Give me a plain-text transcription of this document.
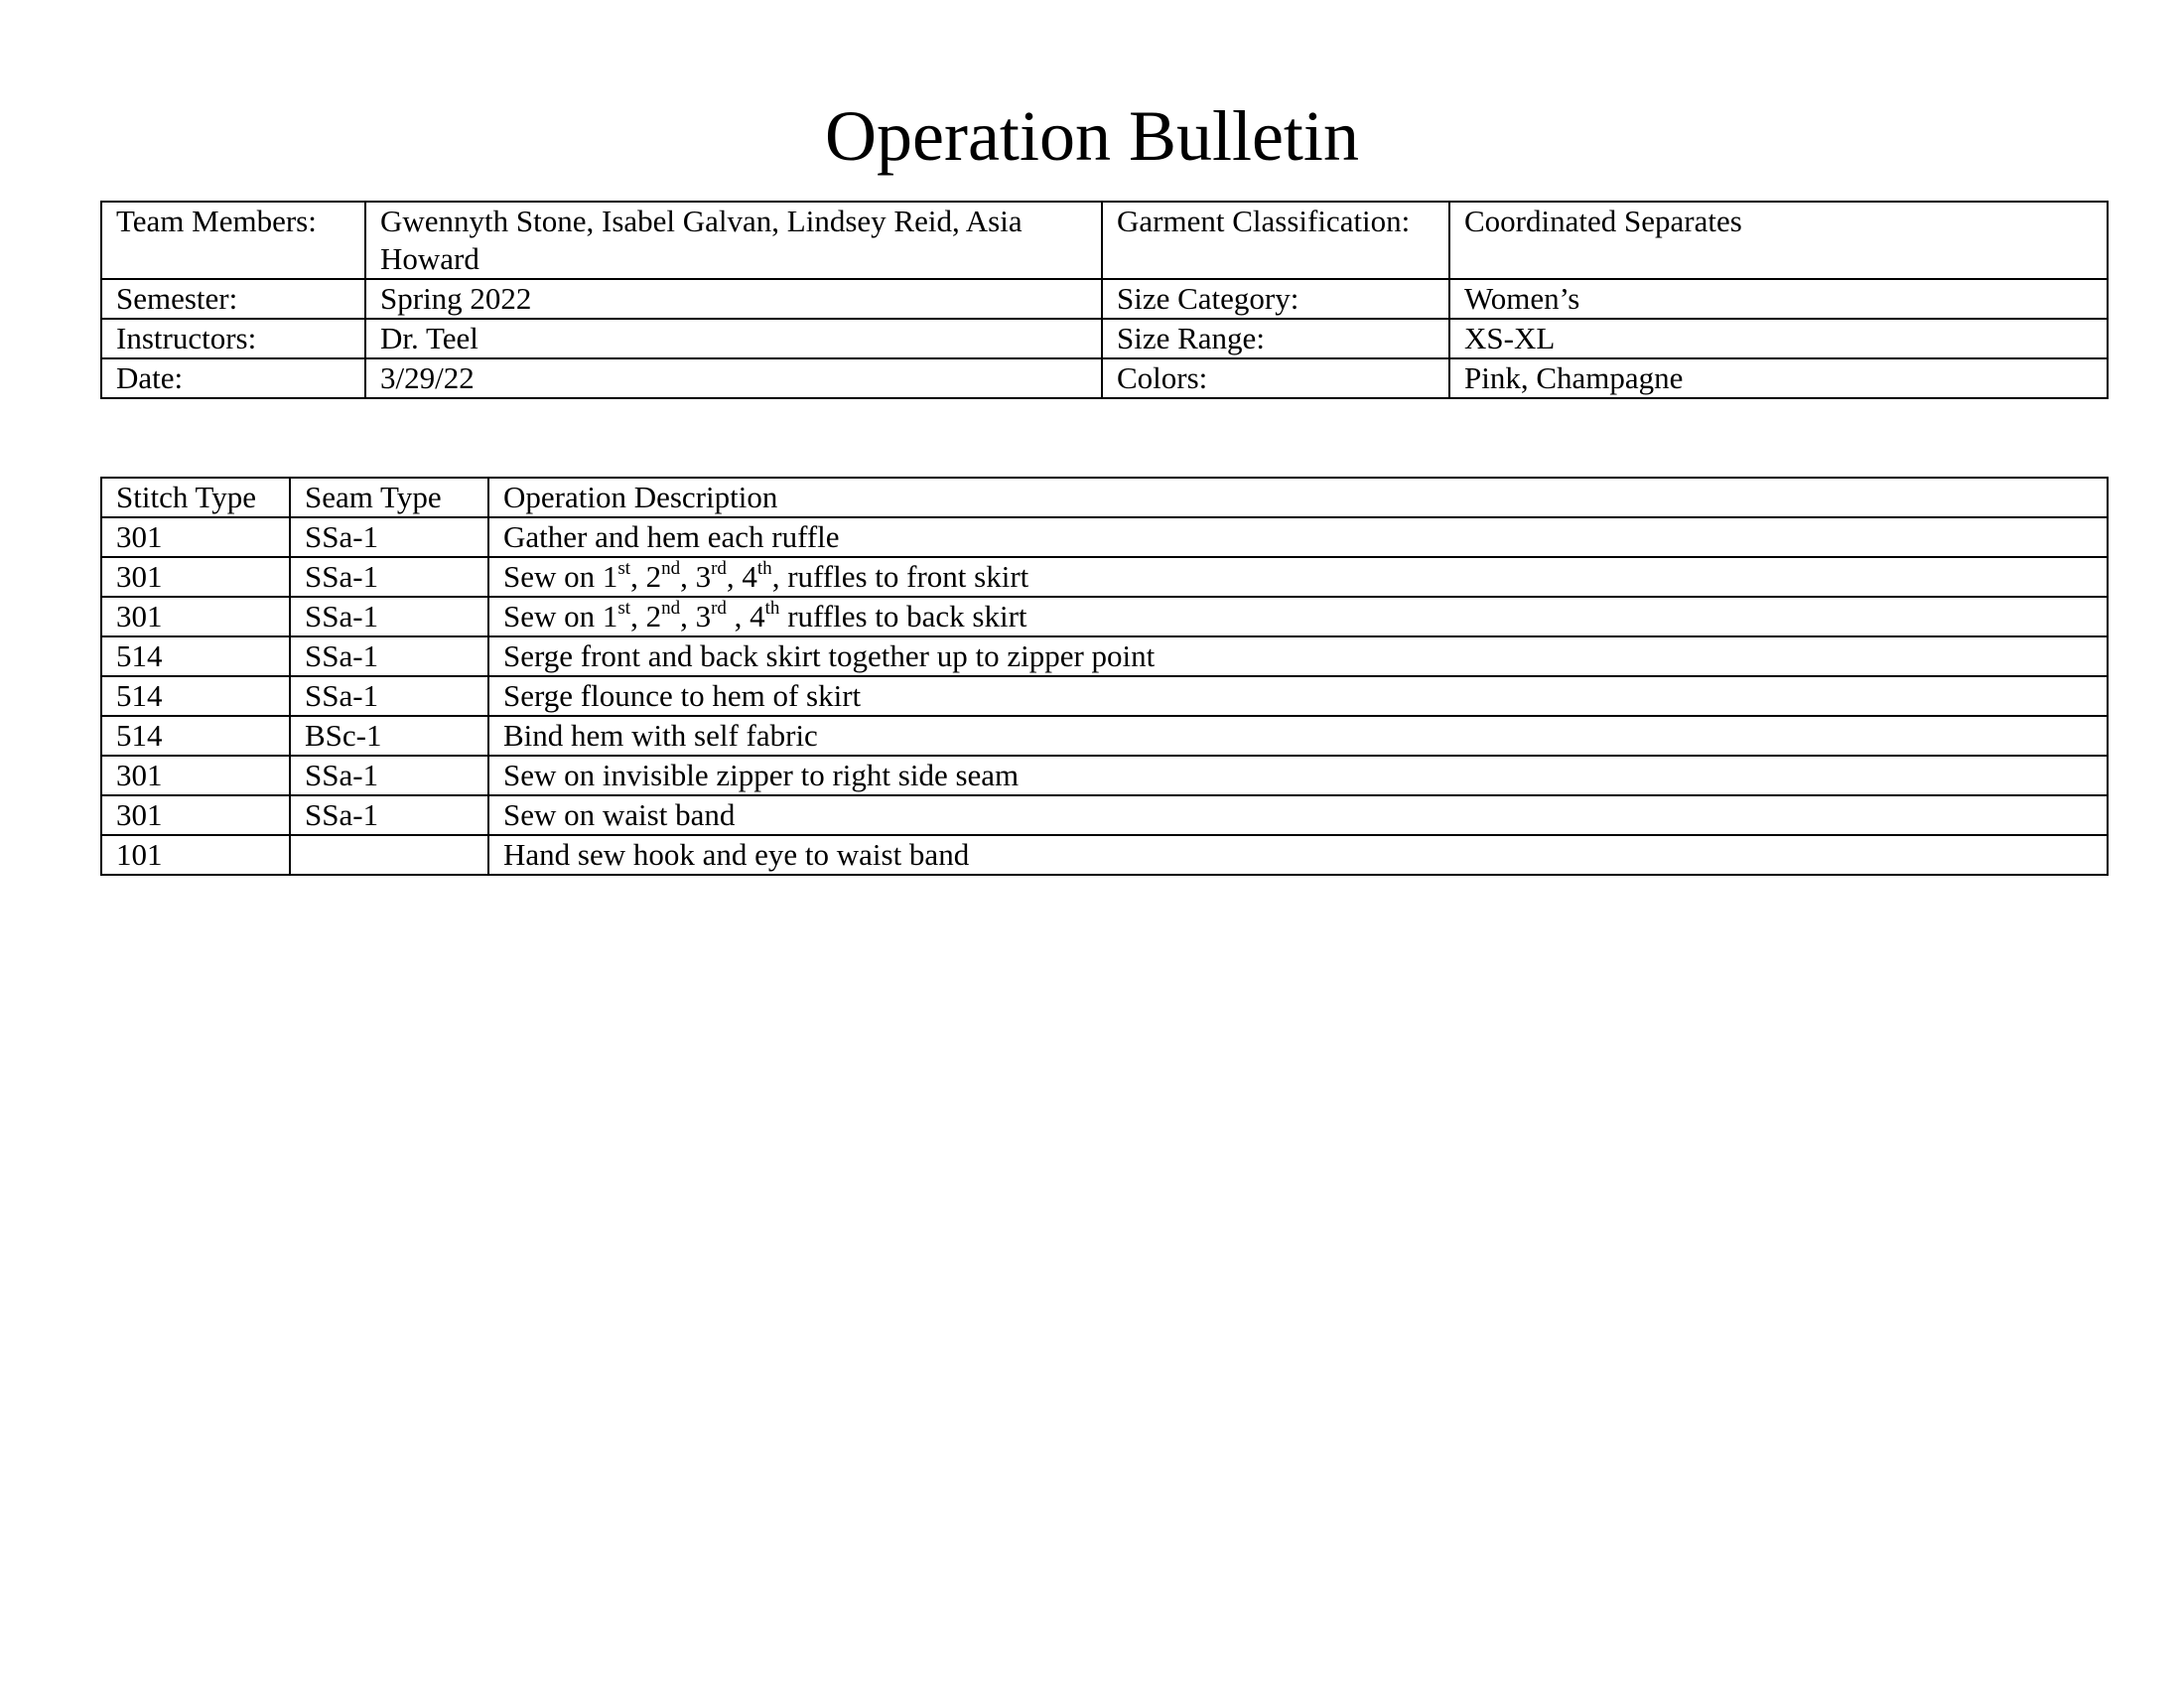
Operation Bulletin
Team Members:	Gwennyth Stone, Isabel Galvan, Lindsey Reid, Asia Howard	Garment Classification:	Coordinated Separates
Semester:	Spring 2022	Size Category:	Women’s
Instructors:	Dr. Teel	Size Range:	XS-XL
Date:	3/29/22	Colors:	Pink, Champagne
Stitch Type	Seam Type	Operation Description
301	SSa-1	Gather and hem each ruffle
301	SSa-1	Sew on 1st, 2nd, 3rd, 4th, ruffles to front skirt
301	SSa-1	Sew on 1st, 2nd, 3rd , 4th ruffles to back skirt
514	SSa-1	Serge front and back skirt together up to zipper point
514	SSa-1	Serge flounce to hem of skirt
514	BSc-1	Bind hem with self fabric
301	SSa-1	Sew on invisible zipper to right side seam
301	SSa-1	Sew on waist band
101		Hand sew hook and eye to waist band
